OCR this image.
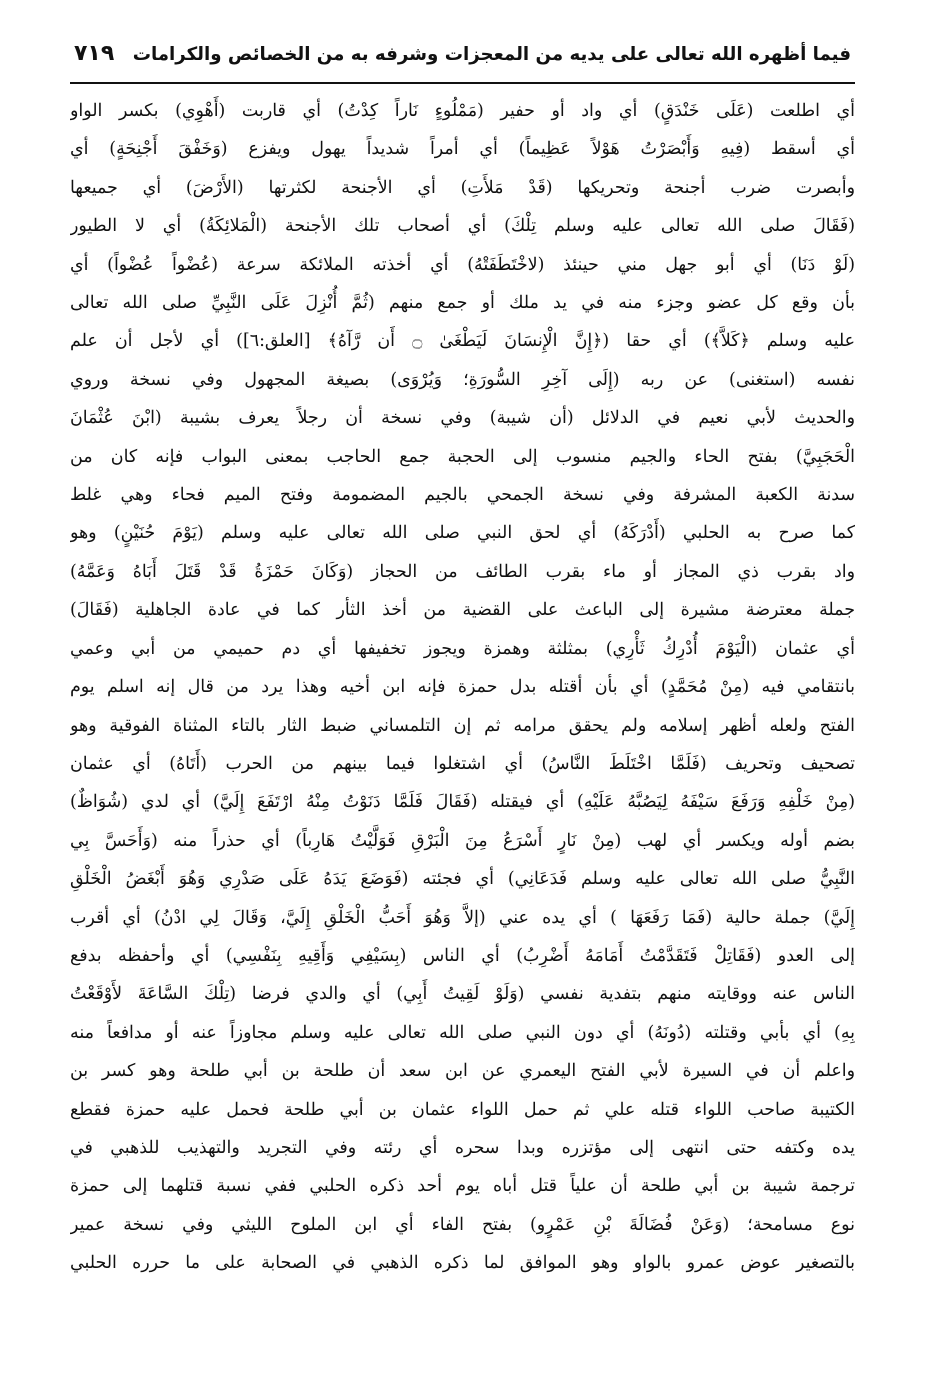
فيما أظهره الله تعالى على يديه من المعجزات وشرفه به من الخصائص والكرامات
٧١٩
أي اطلعت (عَلَى خَنْدَقٍ) أي واد أو حفير (مَمْلُوءٍ نَاراً كِدْتُ) أي قاربت (أَهْوِي) بكسر الواو
أي أسقط (فِيهِ وَأَبْصَرْتُ هَوْلاً عَظِيماً) أي أمراً شديداً يهول ويفزع (وَخَفْقَ أَجْنِحَةٍ) أي
وأبصرت ضرب أجنحة وتحريكها (قَدْ مَلأَتِ) أي الأجنحة لكثرتها (الأَرْضَ) أي جميعها
(فَقَالَ صلى الله تعالى عليه وسلم تِلْكَ) أي أصحاب تلك الأجنحة (الْمَلائِكَةُ) أي لا الطيور
(لَوْ دَنَا) أي أبو جهل مني حينئذ (لاخْتَطَفَتْهُ) أي أخذته الملائكة سرعة (عُضْواً عُضْواً) أي
بأن وقع كل عضو وجزء منه في يد ملك أو جمع منهم (ثُمَّ أُنْزِلَ عَلَى النَّبِيِّ صلى الله تعالى
عليه وسلم ﴿كَلاَّ﴾) أي حقا (﴿إِنَّ الْإِنسَانَ لَيَطْغَىٰ ۝ أَن رَّآهُ﴾ [العلق:٦]) أي لأجل أن علم
نفسه (استغنى) عن ربه (إِلَى آخِرِ السُّورَةِ؛ وَيُرْوَى) بصيغة المجهول وفي نسخة وروي
والحديث لأبي نعيم في الدلائل (أن شيبة) وفي نسخة أن رجلاً يعرف بشيبة (ابْنَ عُثْمَانَ
الْحَجَبِيَّ) بفتح الحاء والجيم منسوب إلى الحجبة جمع الحاجب بمعنى البواب فإنه كان من
سدنة الكعبة المشرفة وفي نسخة الجمحي بالجيم المضمومة وفتح الميم فحاء وهي غلط
كما صرح به الحلبي (أَدْرَكَهُ) أي لحق النبي صلى الله تعالى عليه وسلم (يَوْمَ حُنَيْنٍ) وهو
واد بقرب ذي المجاز أو ماء بقرب الطائف من الحجاز (وَكَانَ حَمْزَةُ قَدْ قَتَلَ أَبَاهُ وَعَمَّهُ)
جملة معترضة مشيرة إلى الباعث على القضية من أخذ الثأر كما في عادة الجاهلية (فَقَالَ)
أي عثمان (الْيَوْمَ أُدْرِكُ ثَأْرِي) بمثلثة وهمزة ويجوز تخفيفها أي دم حميمي من أبي وعمي
بانتقامي فيه (مِنْ مُحَمَّدٍ) أي بأن أقتله بدل حمزة فإنه ابن أخيه وهذا يرد من قال إنه اسلم يوم
الفتح ولعله أظهر إسلامه ولم يحقق مرامه ثم إن التلمساني ضبط الثار بالتاء المثناة الفوقية وهو
تصحيف وتحريف (فَلَمَّا اخْتَلَطَ النَّاسُ) أي اشتغلوا فيما بينهم من الحرب (أَتَاهُ) أي عثمان
(مِنْ خَلْفِهِ وَرَفَعَ سَيْفَهُ لِيَصُبَّهُ عَلَيْهِ) أي فيقتله (فَقَالَ فَلَمَّا دَنَوْتُ مِنْهُ ارْتَفَعَ إِلَيَّ) أي لدي (شُوَاظٌ)
بضم أوله ويكسر أي لهب (مِنْ نَارٍ أَسْرَعُ مِنَ الْبَرْقِ فَوَلَّيْتُ هَارِباً) أي حذراً منه (وَأَحَسَّ بِي
النَّبِيُّ صلى الله تعالى عليه وسلم فَدَعَانِي) أي فجئته (فَوَضَعَ يَدَهُ عَلَى صَدْرِي وَهُوَ أَبْغَضُ الْخَلْقِ
إِلَيَّ) جملة حالية (فَمَا رَفَعَهَا ) أي يده عني (إلاَّ وَهُوَ أَحَبُّ الْخَلْقِ إِلَيَّ، وَقَالَ لِي ادْنُ) أي أقرب
إلى العدو (فَقَاتِلْ فَتَقَدَّمْتُ أَمَامَهُ أَضْرِبُ) أي الناس (بِسَيْفِي وَأَقِيهِ بِنَفْسِي) أي وأحفظه بدفع
الناس عنه ووقايته منهم بتفدية نفسي (وَلَوْ لَقِيتُ أَبِي) أي والدي فرضا (تِلْكَ السَّاعَةَ لأَوْقَعْتُ
بِهِ) أي بأبي وقتلته (دُونَهُ) أي دون النبي صلى الله تعالى عليه وسلم مجاوزاً عنه أو مدافعاً منه
واعلم أن في السيرة لأبي الفتح اليعمري عن ابن سعد أن طلحة بن أبي طلحة وهو كسر بن
الكتيبة صاحب اللواء قتله علي ثم حمل اللواء عثمان بن أبي طلحة فحمل عليه حمزة فقطع
يده وكتفه حتى انتهى إلى مؤتزره وبدا سحره أي رئته وفي التجريد والتهذيب للذهبي في
ترجمة شيبة بن أبي طلحة أن علياً قتل أباه يوم أحد ذكره الحلبي ففي نسبة قتلهما إلى حمزة
نوع مسامحة؛ (وَعَنْ فُضَالَةَ بْنِ عَمْرٍو) بفتح الفاء أي ابن الملوح الليثي وفي نسخة عمير
بالتصغير عوض عمرو بالواو وهو الموافق لما ذكره الذهبي في الصحابة على ما حرره الحلبي
